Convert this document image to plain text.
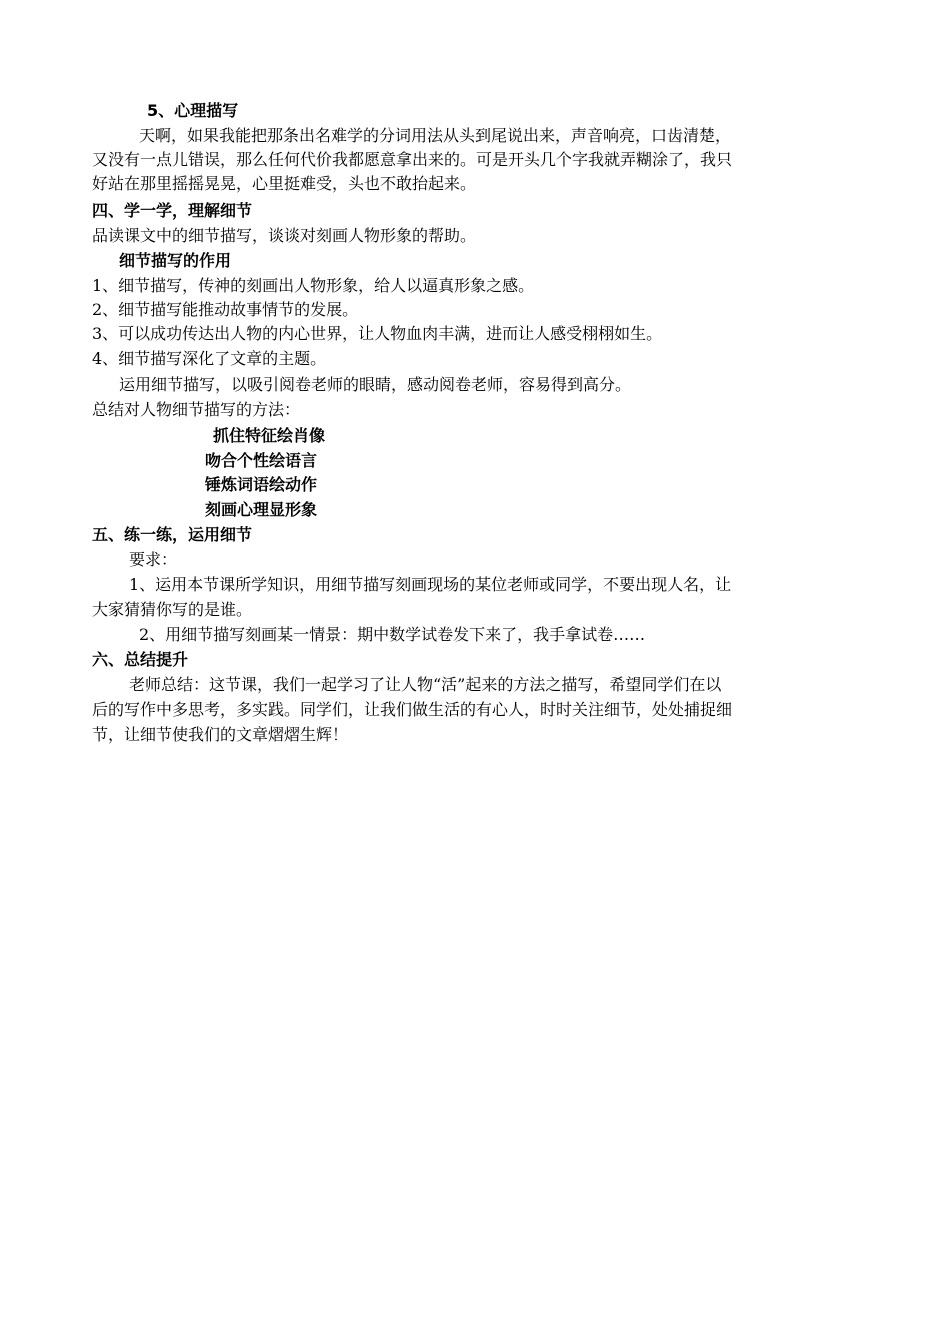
5、心理描写
天啊，如果我能把那条出名难学的分词用法从头到尾说出来，声音响亮，口齿清楚，
又没有一点儿错误，那么任何代价我都愿意拿出来的。可是开头几个字我就弄糊涂了，我只
好站在那里摇摇晃晃，心里挺难受，头也不敢抬起来。
四、学一学，理解细节
品读课文中的细节描写，谈谈对刻画人物形象的帮助。
细节描写的作用
1、细节描写，传神的刻画出人物形象，给人以逼真形象之感。
2、细节描写能推动故事情节的发展。
3、可以成功传达出人物的内心世界，让人物血肉丰满，进而让人感受栩栩如生。
4、细节描写深化了文章的主题。
运用细节描写，以吸引阅卷老师的眼睛，感动阅卷老师，容易得到高分。
总结对人物细节描写的方法：
抓住特征绘肖像
吻合个性绘语言
锤炼词语绘动作
刻画心理显形象
五、练一练，运用细节
要求：
1、运用本节课所学知识，用细节描写刻画现场的某位老师或同学，不要出现人名，让
大家猜猜你写的是谁。
2、用细节描写刻画某一情景：期中数学试卷发下来了，我手拿试卷……
六、总结提升
老师总结：这节课，我们一起学习了让人物“活”起来的方法之描写，希望同学们在以
后的写作中多思考，多实践。同学们，让我们做生活的有心人，时时关注细节，处处捕捉细
节，让细节使我们的文章熠熠生辉！
